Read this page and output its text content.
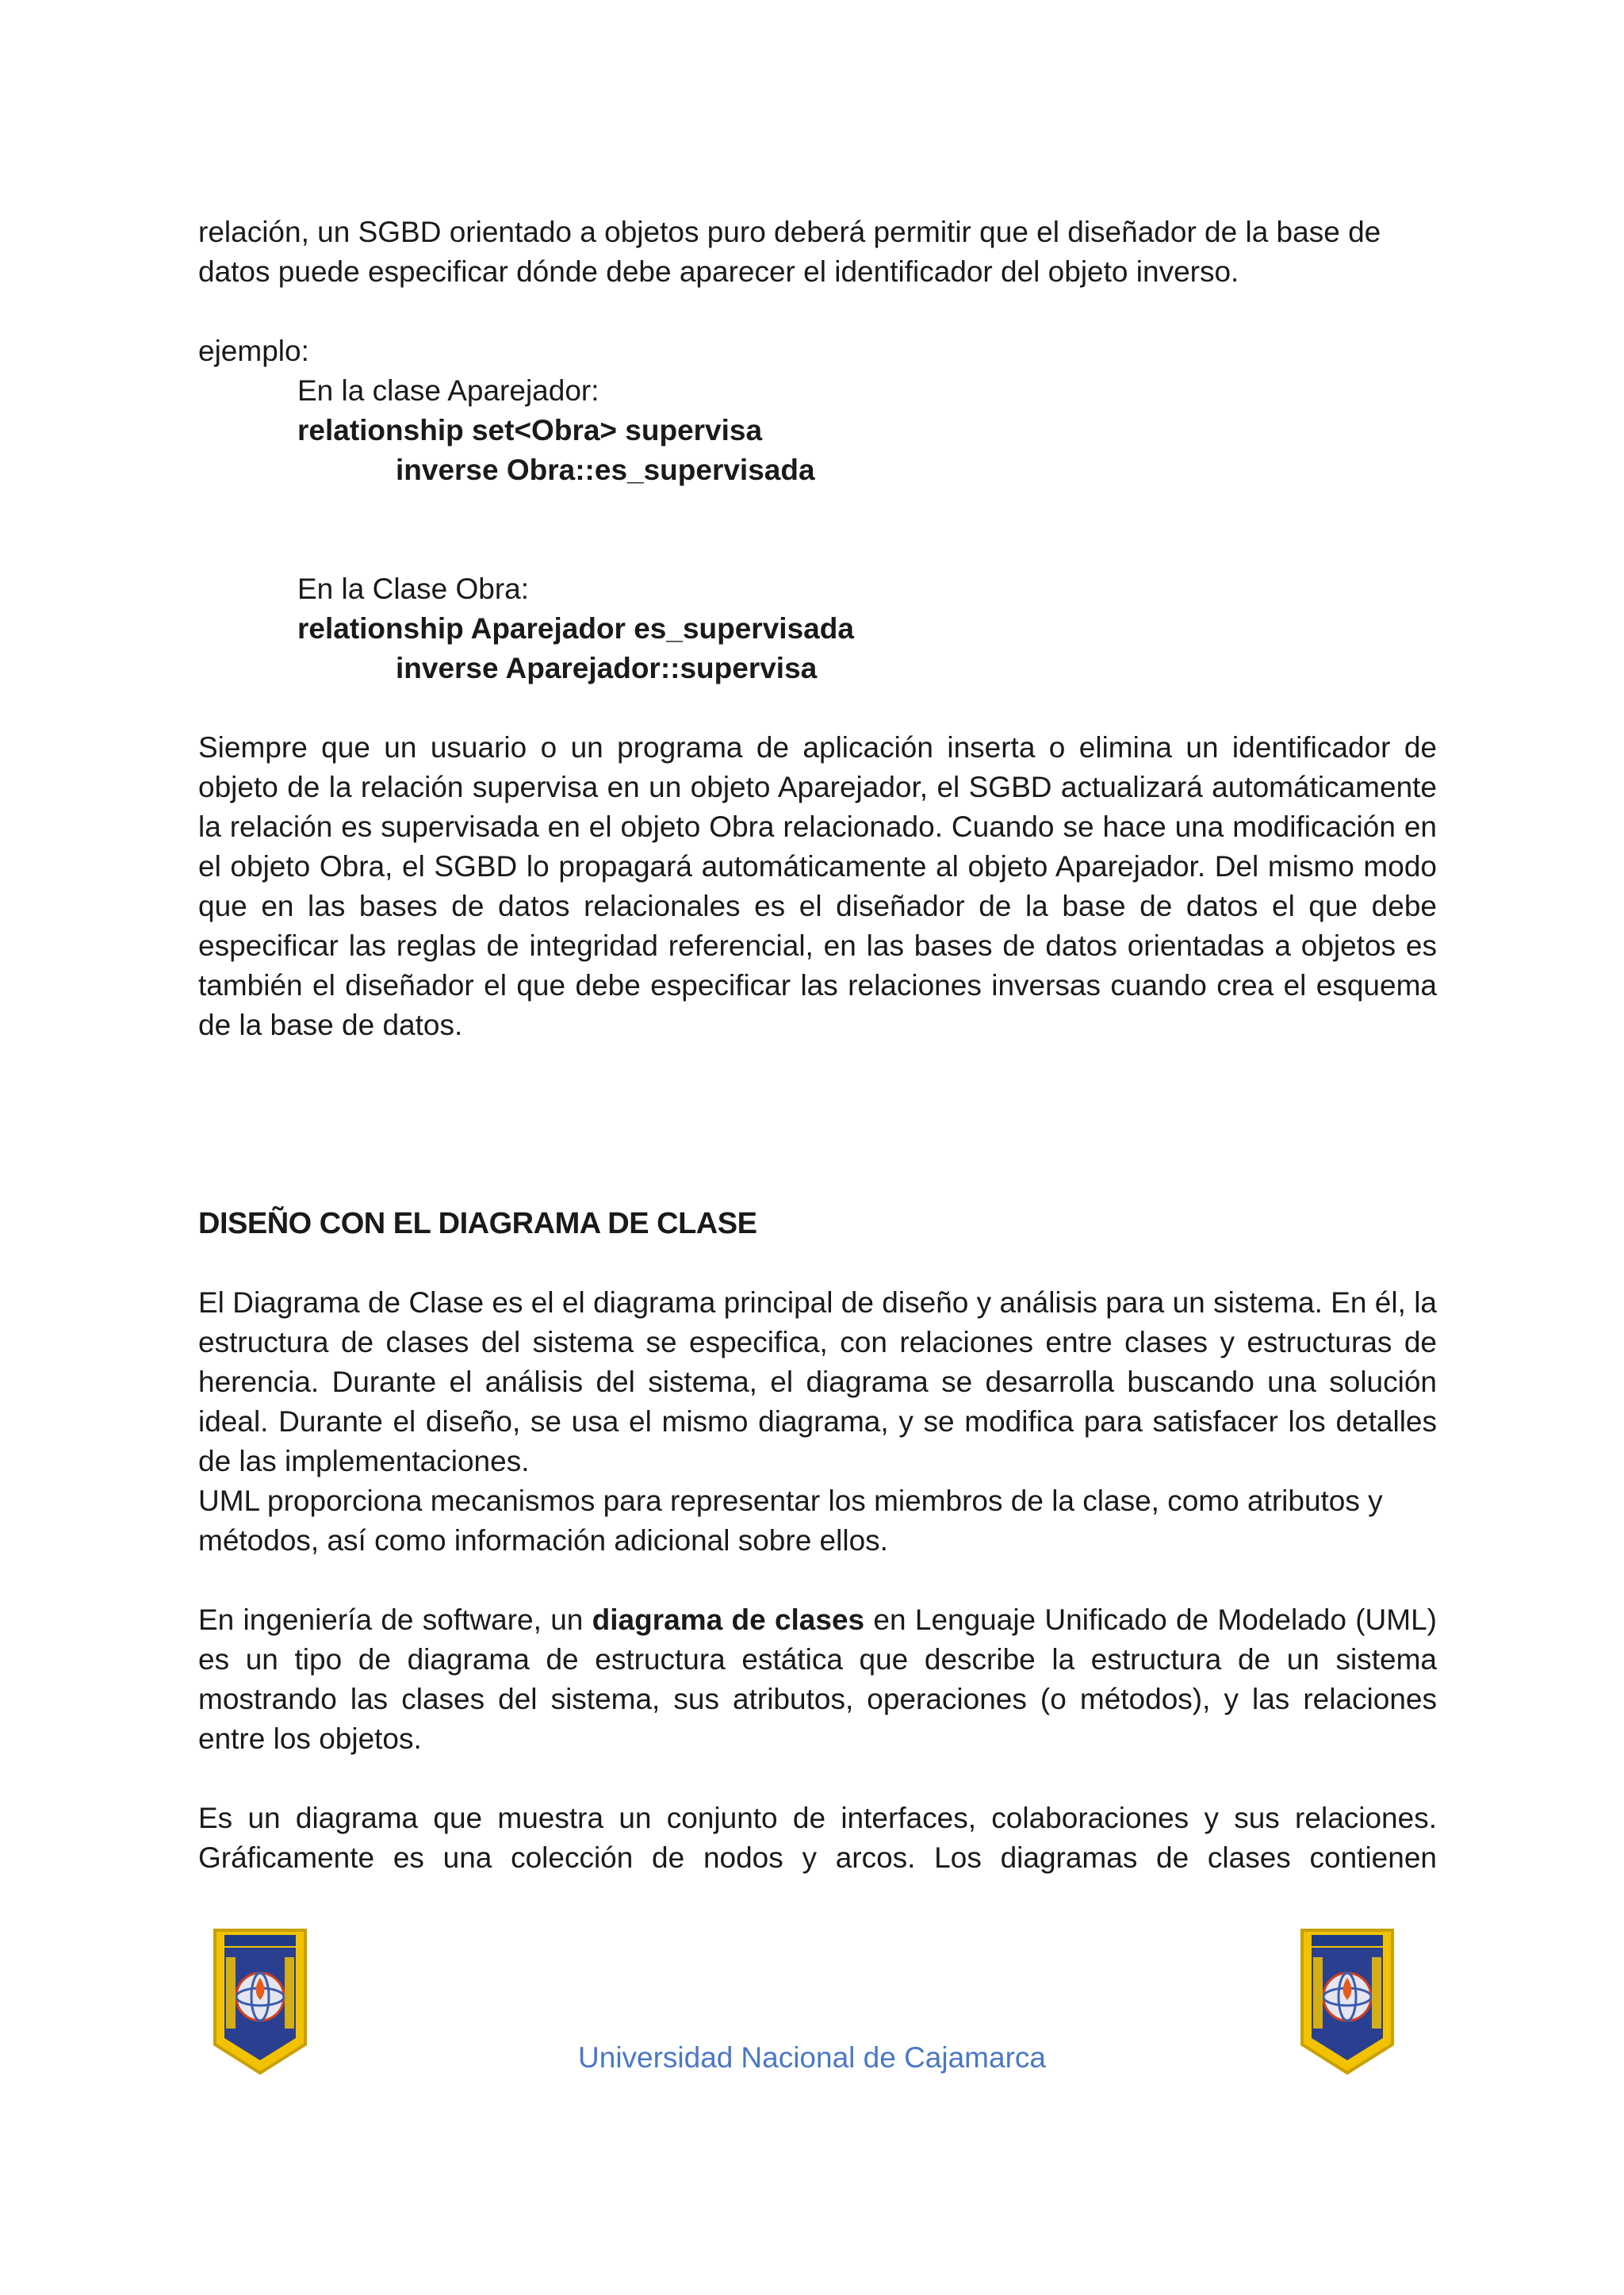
relación, un SGBD orientado a objetos puro deberá permitir que el diseñador de la base de

datos puede especificar dónde debe aparecer el identificador del objeto inverso.

ejemplo:

En la clase Aparejador:

relationship set<Obra> supervisa

inverse Obra::es_supervisada

En la Clase Obra:

relationship Aparejador es_supervisada

inverse Aparejador::supervisa

Siempre que un usuario o un programa de aplicación inserta o elimina un identificador de objeto de la relación supervisa en un objeto Aparejador, el SGBD actualizará automáticamente la relación es supervisada en el objeto Obra relacionado. Cuando se hace una modificación en el objeto Obra, el SGBD lo propagará automáticamente al objeto Aparejador. Del mismo modo que en las bases de datos relacionales es el diseñador de la base de datos el que debe especificar las reglas de integridad referencial, en las bases de datos orientadas a objetos es también el diseñador el que debe especificar las relaciones inversas cuando crea el esquema de la base de datos.

DISEÑO CON EL DIAGRAMA DE CLASE

El Diagrama de Clase es el el diagrama principal de diseño y análisis para un sistema. En él, la estructura de clases del sistema se especifica, con relaciones entre clases y estructuras de herencia. Durante el análisis del sistema, el diagrama se desarrolla buscando una solución ideal. Durante el diseño, se usa el mismo diagrama, y se modifica para satisfacer los detalles de las implementaciones.

UML proporciona mecanismos para representar los miembros de la clase, como atributos y métodos, así como información adicional sobre ellos.

En ingeniería de software, un diagrama de clases en Lenguaje Unificado de Modelado (UML) es un tipo de diagrama de estructura estática que describe la estructura de un sistema mostrando las clases del sistema, sus atributos, operaciones (o métodos), y las relaciones entre los objetos.

Es un diagrama que muestra un conjunto de interfaces, colaboraciones y sus relaciones. Gráficamente es una colección de nodos y arcos. Los diagramas de clases contienen

Universidad Nacional de Cajamarca
